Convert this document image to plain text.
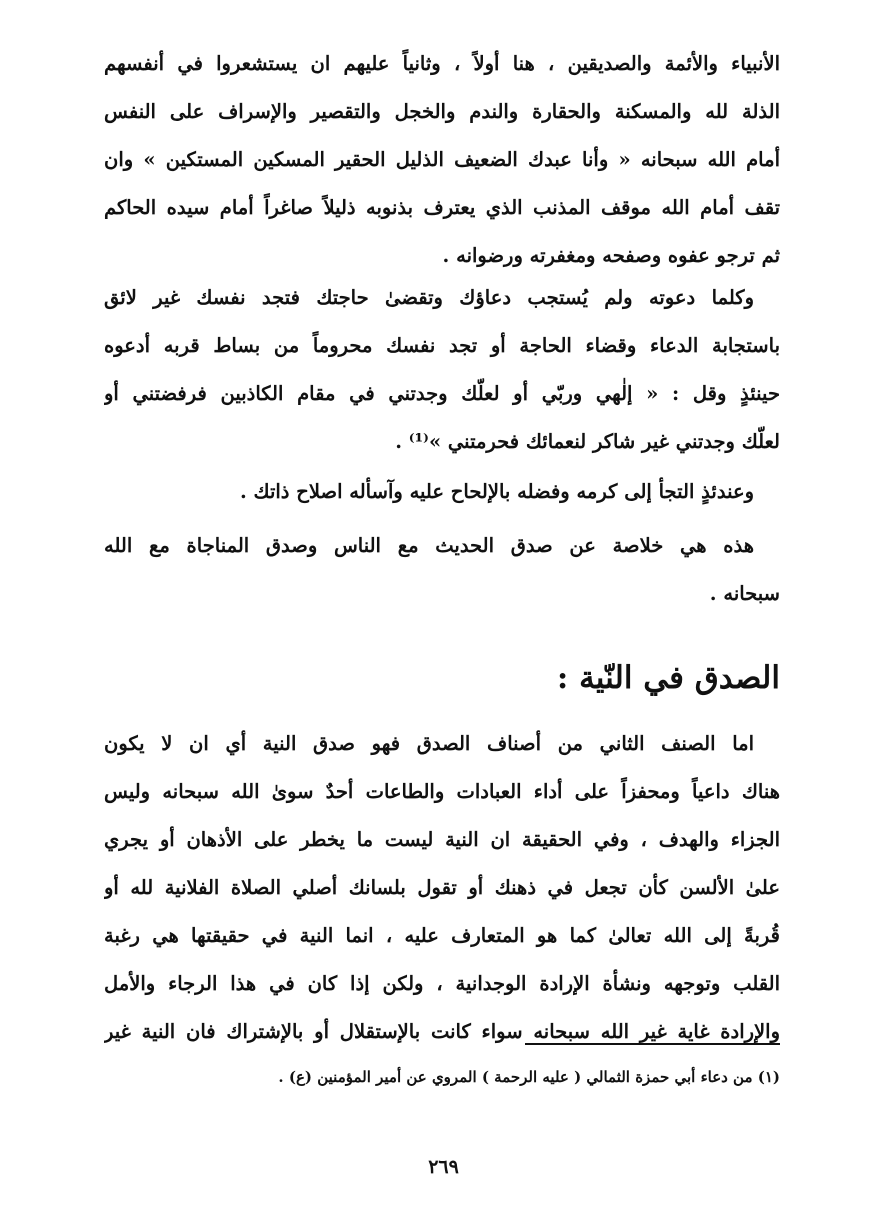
الأنبياء والأئمة والصديقين ، هنا أولاً ، وثانياً عليهم ان يستشعروا في أنفسهم
الذلة لله والمسكنة والحقارة والندم والخجل والتقصير والإسراف على النفس
أمام الله سبحانه « وأنا عبدك الضعيف الذليل الحقير المسكين المستكين » وان
تقف أمام الله موقف المذنب الذي يعترف بذنوبه ذليلاً صاغراً أمام سيده الحاكم
ثم ترجو عفوه وصفحه ومغفرته ورضوانه .
وكلما دعوته ولم يُستجب دعاؤك وتقضىٰ حاجتك فتجد نفسك غير لائق
باستجابة الدعاء وقضاء الحاجة أو تجد نفسك محروماً من بساط قربه أدعوه
حينئذٍ وقل : « إلٰهي وربّي أو لعلّك وجدتني في مقام الكاذبين فرفضتني أو
لعلّك وجدتني غير شاكر لنعمائك فحرمتني »⁽¹⁾ .
وعندئذٍ التجأ إلى كرمه وفضله بالإلحاح عليه وآسأله اصلاح ذاتك .
هذه هي خلاصة عن صدق الحديث مع الناس وصدق المناجاة مع الله
سبحانه .
الصدق في النّية :
اما الصنف الثاني من أصناف الصدق فهو صدق النية أي ان لا يكون
هناك داعياً ومحفزاً على أداء العبادات والطاعات أحدٌ سوىٰ الله سبحانه وليس
الجزاء والهدف ، وفي الحقيقة ان النية ليست ما يخطر على الأذهان أو يجري
علىٰ الألسن كأن تجعل في ذهنك أو تقول بلسانك أصلي الصلاة الفلانية لله أو
قُربةً إلى الله تعالىٰ كما هو المتعارف عليه ، انما النية في حقيقتها هي رغبة
القلب وتوجهه ونشأة الإرادة الوجدانية ، ولكن إذا كان في هذا الرجاء والأمل
والإرادة غاية غير الله سبحانه سواء كانت بالإستقلال أو بالإشتراك فان النية غير
(١) من دعاء أبي حمزة الثمالي ( عليه الرحمة ) المروي عن أمير المؤمنين (ع) .
٢٦٩
